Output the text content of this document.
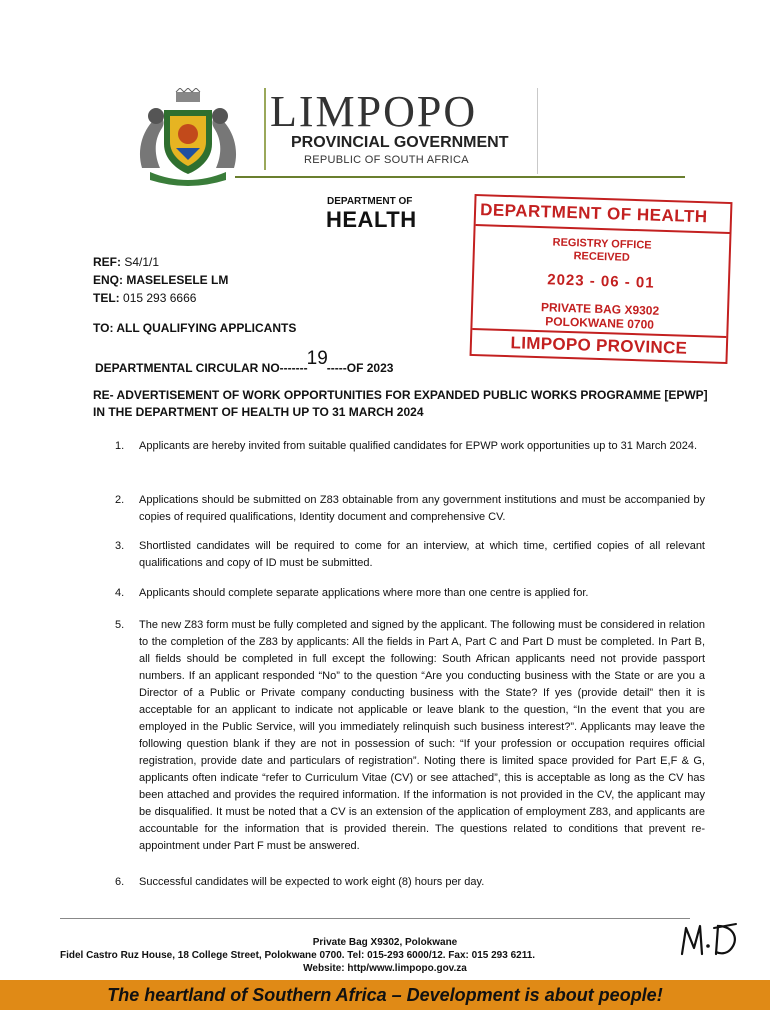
LIMPOPO
PROVINCIAL GOVERNMENT
REPUBLIC OF SOUTH AFRICA
DEPARTMENT OF
HEALTH	DEPARTMENT OF HEALTH
REGISTRY OFFICE
RECEIVED
2023 - 06 - 01
PRIVATE BAG X9302
POLOKWANE 0700
LIMPOPO PROVINCE
REF: S4/1/1
ENQ: MASELESELE LM
TEL: 015 293 6666
TO: ALL QUALIFYING APPLICANTS
DEPARTMENTAL CIRCULAR NO-------19-----OF 2023
RE- ADVERTISEMENT OF WORK OPPORTUNITIES FOR EXPANDED PUBLIC WORKS PROGRAMME [EPWP] IN THE DEPARTMENT OF HEALTH UP TO 31 MARCH 2024
1. Applicants are hereby invited from suitable qualified candidates for EPWP work opportunities up to 31 March 2024.
2. Applications should be submitted on Z83 obtainable from any government institutions and must be accompanied by copies of required qualifications, Identity document and comprehensive CV.
3. Shortlisted candidates will be required to come for an interview, at which time, certified copies of all relevant qualifications and copy of ID must be submitted.
4. Applicants should complete separate applications where more than one centre is applied for.
5. The new Z83 form must be fully completed and signed by the applicant. The following must be considered in relation to the completion of the Z83 by applicants: All the fields in Part A, Part C and Part D must be completed. In Part B, all fields should be completed in full except the following: South African applicants need not provide passport numbers. If an applicant responded “No” to the question “Are you conducting business with the State or are you a Director of a Public or Private company conducting business with the State? If yes (provide detail” then it is acceptable for an applicant to indicate not applicable or leave blank to the question, “In the event that you are employed in the Public Service, will you immediately relinquish such business interest?”. Applicants may leave the following question blank if they are not in possession of such: “If your profession or occupation requires official registration, provide date and particulars of registration”. Noting there is limited space provided for Part E,F & G, applicants often indicate “refer to Curriculum Vitae (CV) or see attached”, this is acceptable as long as the CV has been attached and provides the required information. If the information is not provided in the CV, the applicant may be disqualified. It must be noted that a CV is an extension of the application of employment Z83, and applicants are accountable for the information that is provided therein. The questions related to conditions that prevent re-appointment under Part F must be answered.
6. Successful candidates will be expected to work eight (8) hours per day.
Private Bag X9302, Polokwane
Fidel Castro Ruz House, 18 College Street, Polokwane 0700. Tel: 015-293 6000/12. Fax: 015 293 6211.
Website: http/www.limpopo.gov.za
The heartland of Southern Africa – Development is about people!
